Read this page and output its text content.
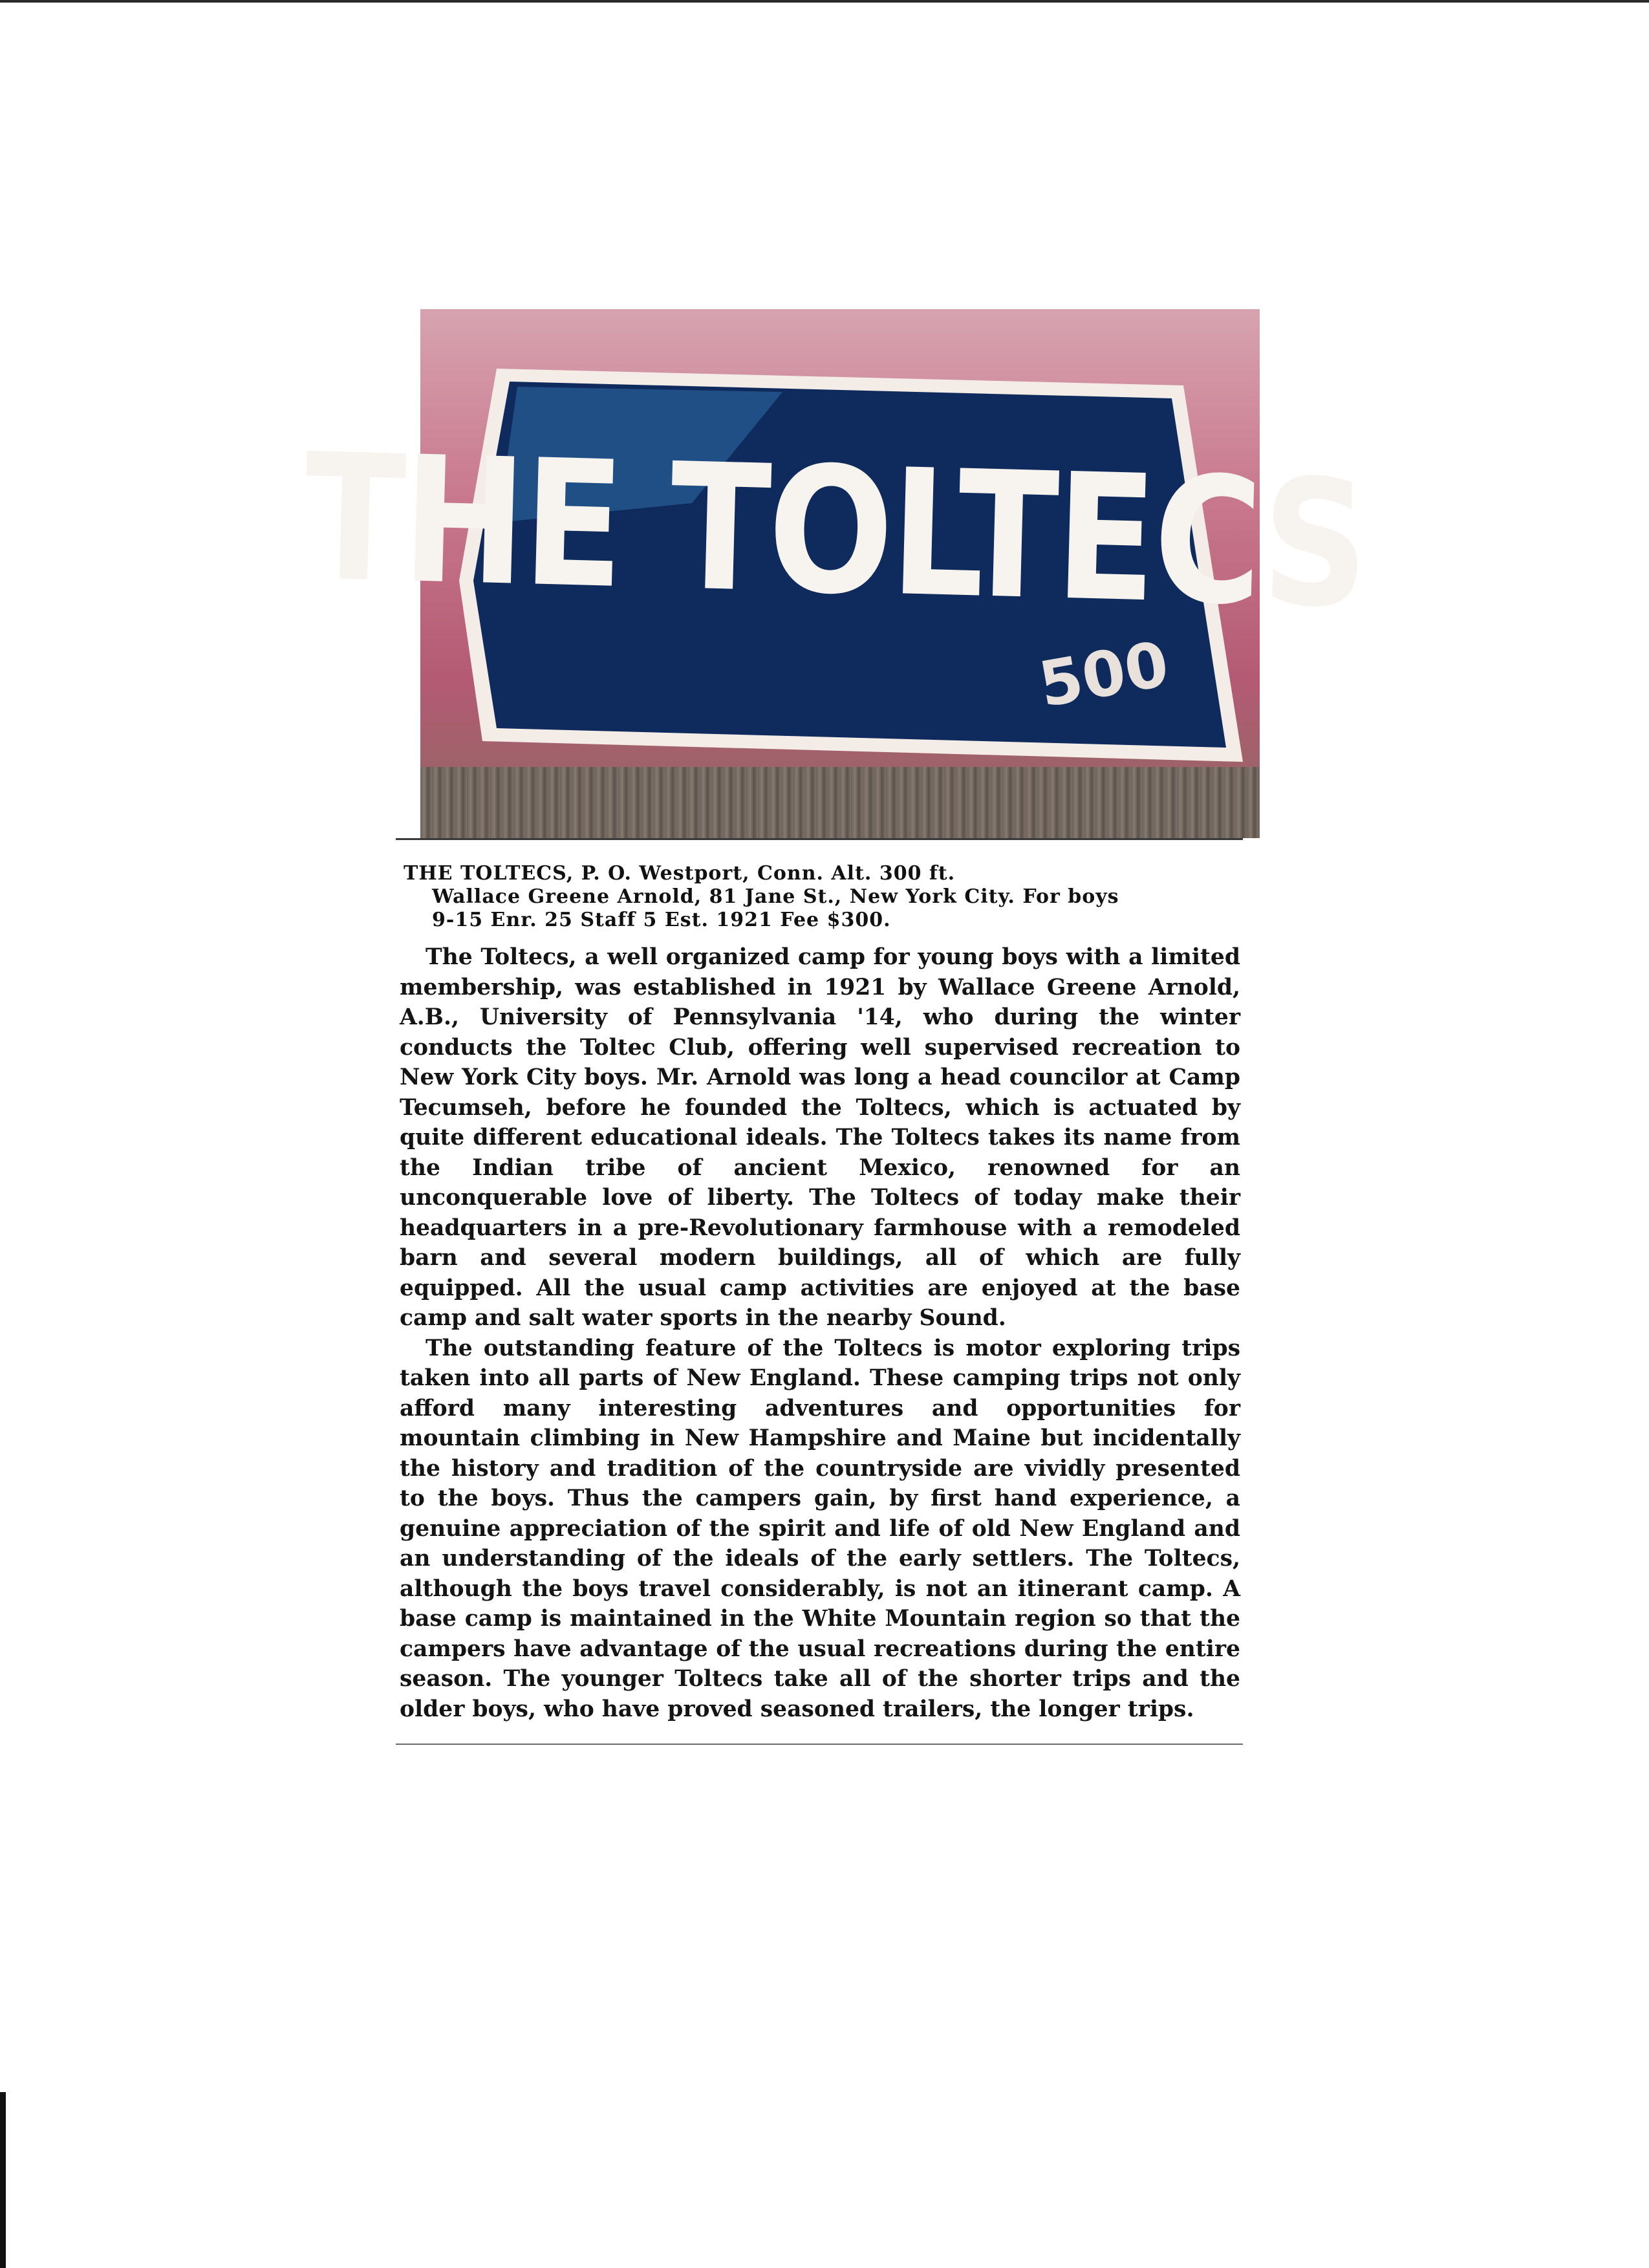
THE TOLTECS
500
THE TOLTECS, P. O. Westport, Conn. Alt. 300 ft.
Wallace Greene Arnold, 81 Jane St., New York City. For boys
9-15 Enr. 25 Staff 5 Est. 1921 Fee $300.

The Toltecs, a well organized camp for young boys with a limited membership, was established in 1921 by Wallace Greene Arnold, A.B., University of Pennsylvania '14, who during the winter conducts the Toltec Club, offering well supervised recreation to New York City boys. Mr. Arnold was long a head councilor at Camp Tecumseh, before he founded the Toltecs, which is actuated by quite different educational ideals. The Toltecs takes its name from the Indian tribe of ancient Mexico, renowned for an unconquerable love of liberty. The Toltecs of today make their headquarters in a pre-Revolutionary farmhouse with a remodeled barn and several modern buildings, all of which are fully equipped. All the usual camp activities are enjoyed at the base camp and salt water sports in the nearby Sound.

The outstanding feature of the Toltecs is motor exploring trips taken into all parts of New England. These camping trips not only afford many interesting adventures and opportunities for mountain climbing in New Hampshire and Maine but incidentally the history and tradition of the countryside are vividly presented to the boys. Thus the campers gain, by first hand experience, a genuine appreciation of the spirit and life of old New England and an understanding of the ideals of the early settlers. The Toltecs, although the boys travel considerably, is not an itinerant camp. A base camp is maintained in the White Mountain region so that the campers have advantage of the usual recreations during the entire season. The younger Toltecs take all of the shorter trips and the older boys, who have proved seasoned trailers, the longer trips.
